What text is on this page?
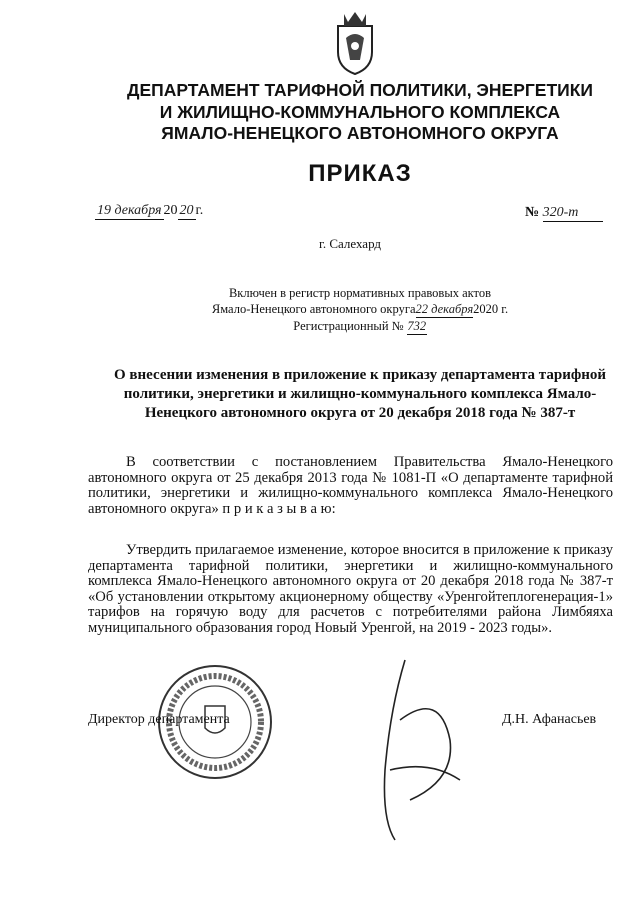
ДЕПАРТАМЕНТ ТАРИФНОЙ ПОЛИТИКИ, ЭНЕРГЕТИКИ
И ЖИЛИЩНО-КОММУНАЛЬНОГО КОМПЛЕКСА
ЯМАЛО-НЕНЕЦКОГО АВТОНОМНОГО ОКРУГА
ПРИКАЗ
19 декабря 20 20 г.	№ 320-т
г. Салехард
Включен в регистр нормативных правовых актов
Ямало-Ненецкого автономного округа22 декабря2020 г.
Регистрационный № 732
О внесении изменения в приложение к приказу департамента тарифной политики, энергетики и жилищно-коммунального комплекса Ямало-Ненецкого автономного округа от 20 декабря 2018 года № 387-т
В соответствии с постановлением Правительства Ямало-Ненецкого автономного округа от 25 декабря 2013 года № 1081-П «О департаменте тарифной политики, энергетики и жилищно-коммунального комплекса Ямало-Ненецкого автономного округа» п р и к а з ы в а ю:
Утвердить прилагаемое изменение, которое вносится в приложение к приказу департамента тарифной политики, энергетики и жилищно-коммунального комплекса Ямало-Ненецкого автономного округа от 20 декабря 2018 года № 387-т «Об установлении открытому акционерному обществу «Уренгойтеплогенерация-1» тарифов на горячую воду для расчетов с потребителями района Лимбяяха муниципального образования город Новый Уренгой, на 2019 - 2023 годы».
Директор департамента	Д.Н. Афанасьев
